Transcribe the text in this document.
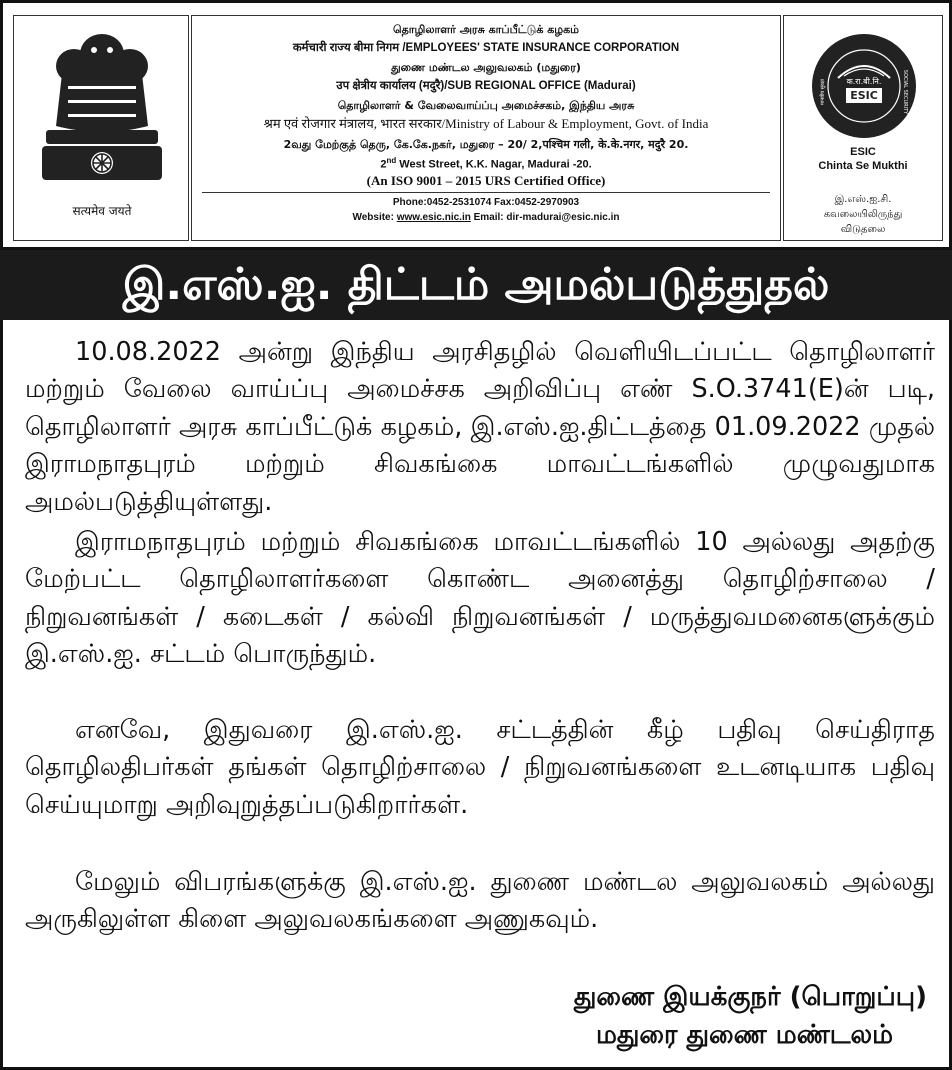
सत्यमेव जयते
தொழிலாளர் அரசு காப்பீட்டுக் கழகம்
कर्मचारी राज्य बीमा निगम /EMPLOYEES' STATE INSURANCE CORPORATION
துணை மண்டல அலுவலகம் (மதுரை)
उप क्षेत्रीय कार्यालय (मदुरै)/SUB REGIONAL OFFICE (Madurai)
தொழிலாளர் & வேலைவாய்ப்பு அமைச்சகம், இந்திய அரசு
श्रम एवं रोजगार मंत्रालय, भारत सरकार/Ministry of Labour & Employment, Govt. of India
2வது மேற்குத் தெரு, கே.கே.நகர், மதுரை – 20/ 2,पश्चिम गली, के.के.नगर, मदुरै 20.
2nd West Street, K.K. Nagar, Madurai -20.
(An ISO 9001 – 2015 URS Certified Office)
Phone:0452-2531074 Fax:0452-2970903
Website: www.esic.nic.in Email: dir-madurai@esic.nic.in
क.रा.बी.नि.
ESIC
मानवीय सुरक्षा	SOCIAL SECURITY
ESIC
Chinta Se Mukthi
இ.எஸ்.ஐ.சி.
கவலையிலிருந்து
விடுதலை
இ.எஸ்.ஐ. திட்டம் அமல்படுத்துதல்

10.08.2022 அன்று இந்திய அரசிதழில் வெளியிடப்பட்ட தொழிலாளர் மற்றும் வேலை வாய்ப்பு அமைச்சக அறிவிப்பு எண் S.O.3741(E)ன் படி, தொழிலாளர் அரசு காப்பீட்டுக் கழகம், இ.எஸ்.ஐ.திட்டத்தை 01.09.2022 முதல் இராமநாதபுரம் மற்றும் சிவகங்கை மாவட்டங்களில் முழுவதுமாக அமல்படுத்தியுள்ளது.

இராமநாதபுரம் மற்றும் சிவகங்கை மாவட்டங்களில் 10 அல்லது அதற்கு மேற்பட்ட தொழிலாளர்களை கொண்ட அனைத்து தொழிற்சாலை / நிறுவனங்கள் / கடைகள் / கல்வி நிறுவனங்கள் / மருத்துவமனைகளுக்கும் இ.எஸ்.ஐ. சட்டம் பொருந்தும்.

எனவே, இதுவரை இ.எஸ்.ஐ. சட்டத்தின் கீழ் பதிவு செய்திராத தொழிலதிபர்கள் தங்கள் தொழிற்சாலை / நிறுவனங்களை உடனடியாக பதிவு செய்யுமாறு அறிவுறுத்தப்படுகிறார்கள்.

மேலும் விபரங்களுக்கு இ.எஸ்.ஐ. துணை மண்டல அலுவலகம் அல்லது அருகிலுள்ள கிளை அலுவலகங்களை அணுகவும்.

துணை இயக்குநர் (பொறுப்பு)
மதுரை துணை மண்டலம்
